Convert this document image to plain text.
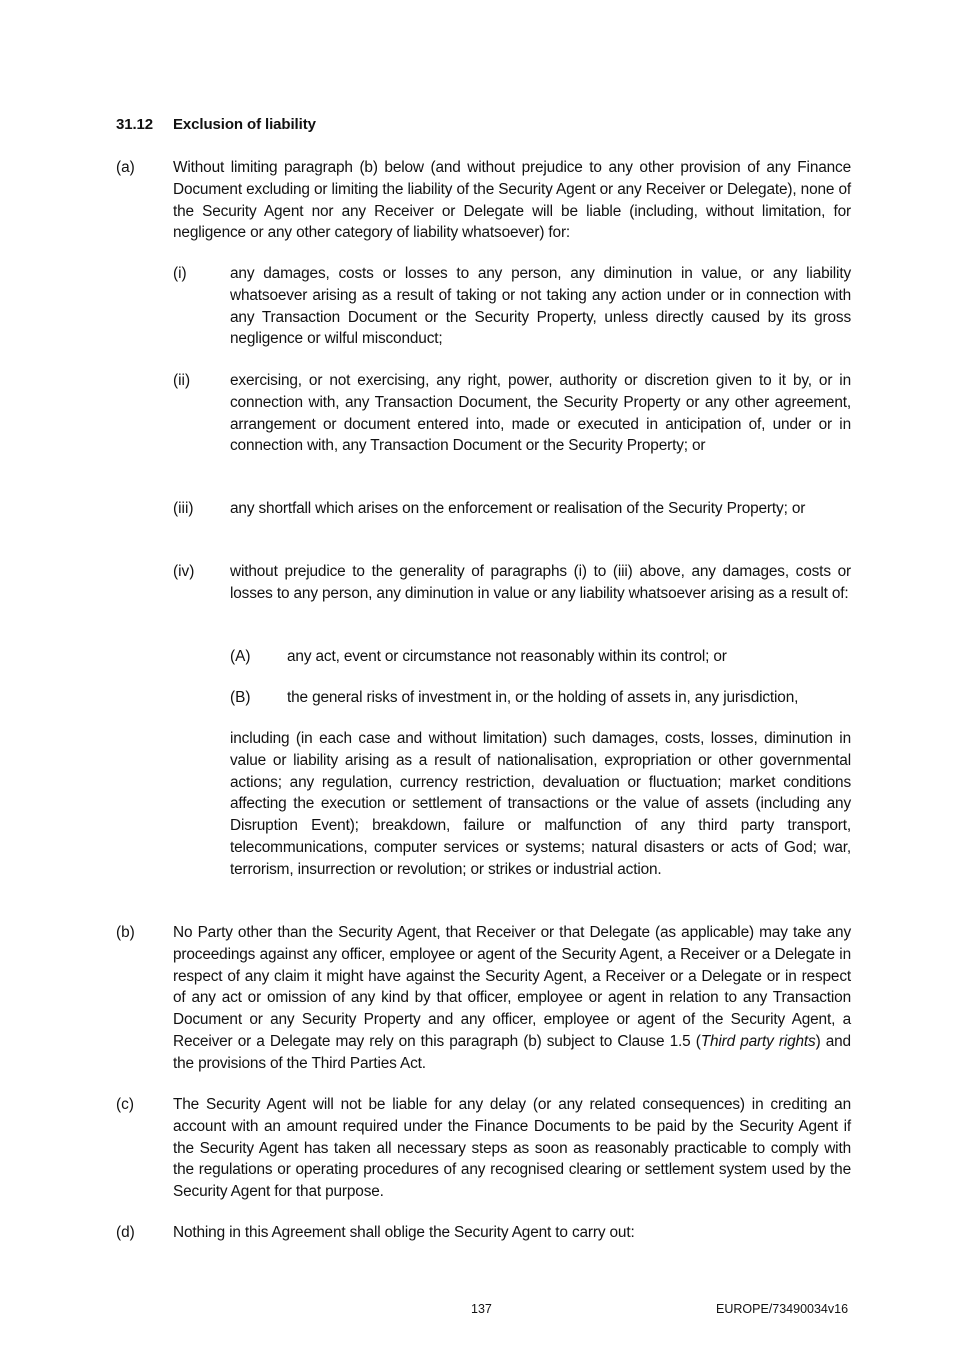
31.12 Exclusion of liability
(a) Without limiting paragraph (b) below (and without prejudice to any other provision of any Finance Document excluding or limiting the liability of the Security Agent or any Receiver or Delegate), none of the Security Agent nor any Receiver or Delegate will be liable (including, without limitation, for negligence or any other category of liability whatsoever) for:
(i)	any damages, costs or losses to any person, any diminution in value, or any liability whatsoever arising as a result of taking or not taking any action under or in connection with any Transaction Document or the Security Property, unless directly caused by its gross negligence or wilful misconduct;
(ii)	exercising, or not exercising, any right, power, authority or discretion given to it by, or in connection with, any Transaction Document, the Security Property or any other agreement, arrangement or document entered into, made or executed in anticipation of, under or in connection with, any Transaction Document or the Security Property; or
(iii) any shortfall which arises on the enforcement or realisation of the Security Property; or
(iv) without prejudice to the generality of paragraphs (i) to (iii) above, any damages, costs or losses to any person, any diminution in value or any liability whatsoever arising as a result of:
(A) any act, event or circumstance not reasonably within its control; or
(B) the general risks of investment in, or the holding of assets in, any jurisdiction,
including (in each case and without limitation) such damages, costs, losses, diminution in value or liability arising as a result of nationalisation, expropriation or other governmental actions; any regulation, currency restriction, devaluation or fluctuation; market conditions affecting the execution or settlement of transactions or the value of assets (including any Disruption Event); breakdown, failure or malfunction of any third party transport, telecommunications, computer services or systems; natural disasters or acts of God; war, terrorism, insurrection or revolution; or strikes or industrial action.
(b) No Party other than the Security Agent, that Receiver or that Delegate (as applicable) may take any proceedings against any officer, employee or agent of the Security Agent, a Receiver or a Delegate in respect of any claim it might have against the Security Agent, a Receiver or a Delegate or in respect of any act or omission of any kind by that officer, employee or agent in relation to any Transaction Document or any Security Property and any officer, employee or agent of the Security Agent, a Receiver or a Delegate may rely on this paragraph (b) subject to Clause 1.5 (Third party rights) and the provisions of the Third Parties Act.
(c)	The Security Agent will not be liable for any delay (or any related consequences) in crediting an account with an amount required under the Finance Documents to be paid by the Security Agent if the Security Agent has taken all necessary steps as soon as reasonably practicable to comply with the regulations or operating procedures of any recognised clearing or settlement system used by the Security Agent for that purpose.
(d) Nothing in this Agreement shall oblige the Security Agent to carry out:
137	EUROPE/73490034v16
